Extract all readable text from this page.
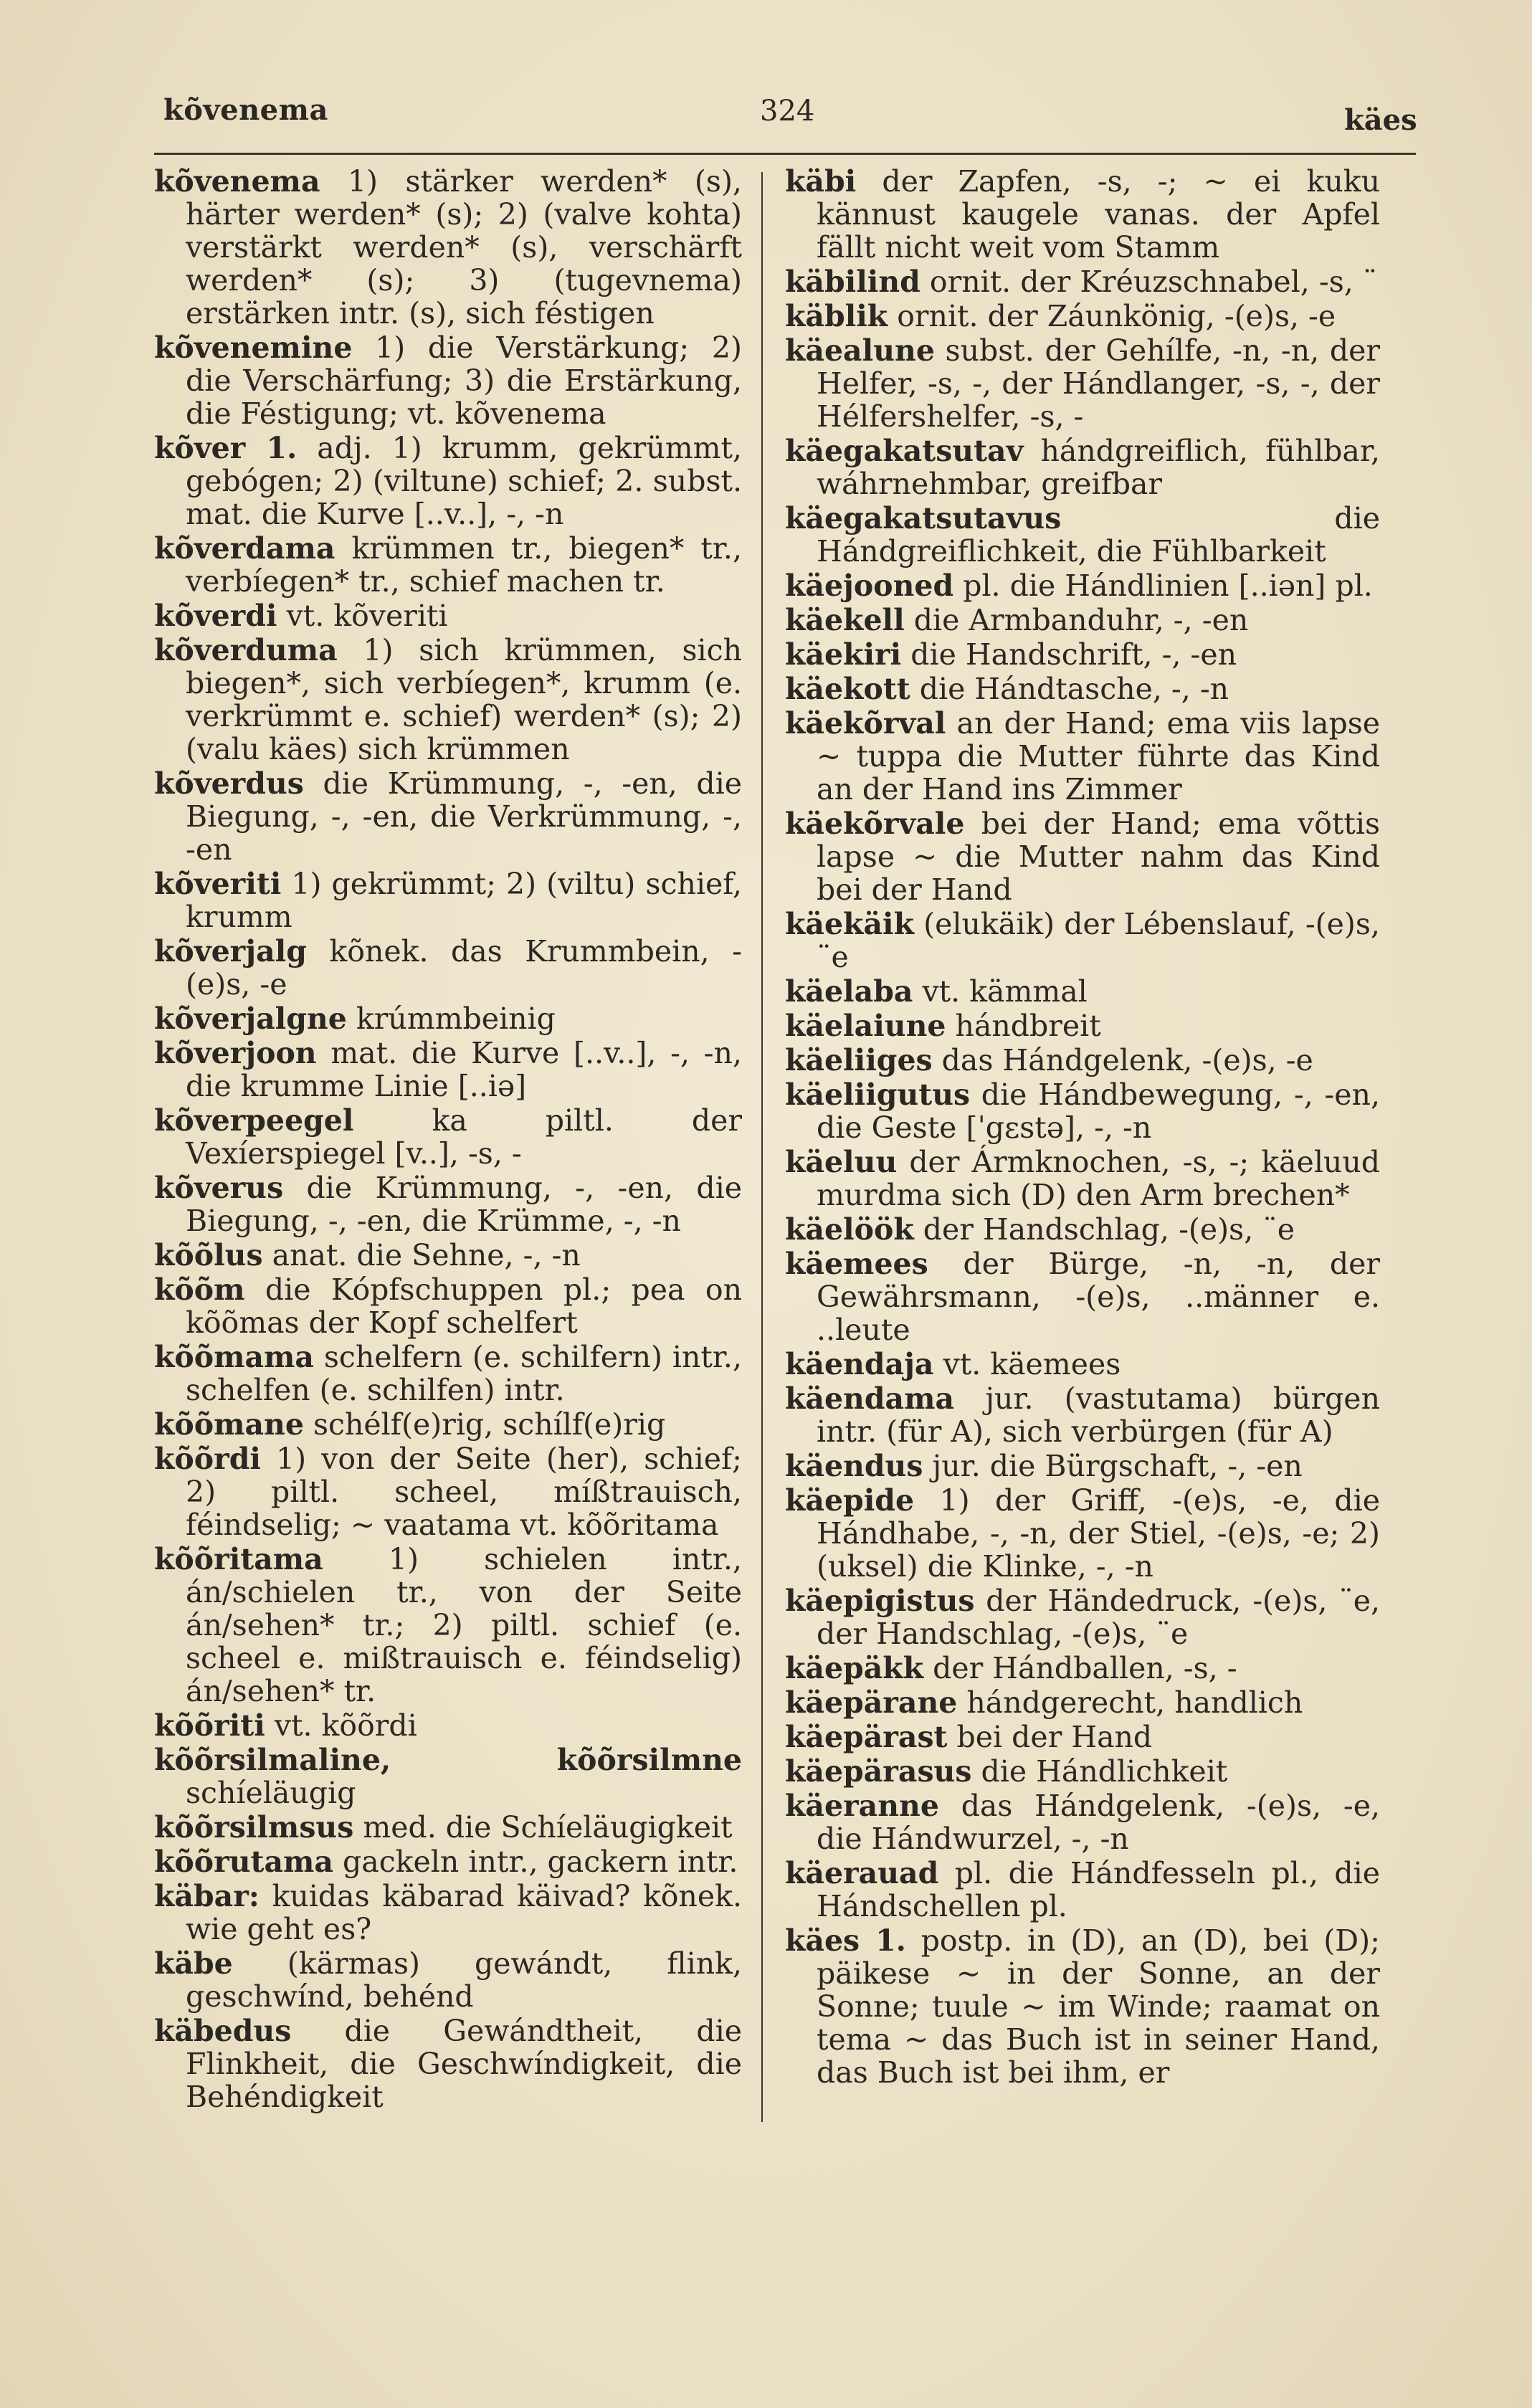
kõvenema	324	käes
kõvenema 1) stärker werden* (s), härter werden* (s); 2) (valve kohta) verstärkt werden* (s), verschärft werden* (s); 3) (tugevnema) erstärken intr. (s), sich féstigen
kõvenemine 1) die Verstärkung; 2) die Verschärfung; 3) die Erstärkung, die Féstigung; vt. kõvenema
kõver 1. adj. 1) krumm, gekrümmt, gebógen; 2) (viltune) schief; 2. subst. mat. die Kurve [..v..], -, -n
kõverdama krümmen tr., biegen* tr., verbíegen* tr., schief machen tr.
kõverdi vt. kõveriti
kõverduma 1) sich krümmen, sich biegen*, sich verbíegen*, krumm (e. verkrümmt e. schief) werden* (s); 2) (valu käes) sich krümmen
kõverdus die Krümmung, -, -en, die Biegung, -, -en, die Verkrümmung, -, -en
kõveriti 1) gekrümmt; 2) (viltu) schief, krumm
kõverjalg kõnek. das Krummbein, -(e)s, -e
kõverjalgne krúmmbeinig
kõverjoon mat. die Kurve [..v..], -, -n, die krumme Linie [..iə]
kõverpeegel	ka piltl. der Vexíerspiegel [v..], -s, -
kõverus die Krümmung, -, -en, die Biegung, -, -en, die Krümme, -, -n
kõõlus anat. die Sehne, -, -n
kõõm die Kópfschuppen pl.; pea on kõõmas der Kopf schelfert
kõõmama schelfern (e. schilfern) intr., schelfen (e. schilfen) intr.
kõõmane schélf(e)rig, schílf(e)rig
kõõrdi 1) von der Seite (her), schief; 2) piltl. scheel, míßtrauisch, féindselig; ~ vaatama vt. kõõritama
kõõritama 1) schielen intr., án/schielen tr., von der Seite án/sehen* tr.; 2) piltl. schief (e. scheel e. mißtrauisch e. féindselig) án/sehen* tr.
kõõriti vt. kõõrdi
kõõrsilmaline, kõõrsilmne schíeläugig
kõõrsilmsus med. die Schíeläugigkeit
kõõrutama gackeln intr., gackern intr.
käbar: kuidas käbarad käivad? kõnek. wie geht es?
käbe (kärmas) gewándt, flink, geschwínd, behénd
käbedus die Gewándtheit, die Flinkheit, die Geschwíndigkeit, die Behéndigkeit
käbi der Zapfen, -s, -; ~ ei kuku kännust kaugele vanas. der Apfel fällt nicht weit vom Stamm
käbilind ornit. der Kréuzschnabel, -s, ¨
käblik ornit. der Záunkönig, -(e)s, -e
käealune subst. der Gehílfe, -n, -n, der Helfer, -s, -, der Hándlanger, -s, -, der Hélfershelfer, -s, -
käegakatsutav hándgreiflich, fühlbar, wáhrnehmbar, greifbar
käegakatsutavus	die Hándgreiflichkeit, die Fühlbarkeit
käejooned pl. die Hándlinien [..iən] pl.
käekell die Armbanduhr, -, -en
käekiri die Handschrift, -, -en
käekott die Hándtasche, -, -n
käekõrval an der Hand; ema viis lapse ~ tuppa die Mutter führte das Kind an der Hand ins Zimmer
käekõrvale bei der Hand; ema võttis lapse ~ die Mutter nahm das Kind bei der Hand
käekäik (elukäik) der Lébenslauf, -(e)s, ¨e
käelaba vt. kämmal
käelaiune hándbreit
käeliiges das Hándgelenk, -(e)s, -e
käeliigutus die Hándbewegung, -, -en, die Geste [ˈgɛstə], -, -n
käeluu der Ármknochen, -s, -; käeluud murdma sich (D) den Arm brechen*
käelöök der Handschlag, -(e)s, ¨e
käemees der Bürge, -n, -n, der Gewährsmann, -(e)s, ..männer e. ..leute
käendaja vt. käemees
käendama jur. (vastutama) bürgen intr. (für A), sich verbürgen (für A)
käendus jur. die Bürgschaft, -, -en
käepide 1) der Griff, -(e)s, -e, die Hándhabe, -, -n, der Stiel, -(e)s, -e; 2) (uksel) die Klinke, -, -n
käepigistus der Händedruck, -(e)s, ¨e, der Handschlag, -(e)s, ¨e
käepäkk der Hándballen, -s, -
käepärane hándgerecht, handlich
käepärast bei der Hand
käepärasus die Hándlichkeit
käeranne das Hándgelenk, -(e)s, -e, die Hándwurzel, -, -n
käerauad pl. die Hándfesseln pl., die Hándschellen pl.
käes 1. postp. in (D), an (D), bei (D); päikese ~ in der Sonne, an der Sonne; tuule ~ im Winde; raamat on tema ~ das Buch ist in seiner Hand, das Buch ist bei ihm, er
